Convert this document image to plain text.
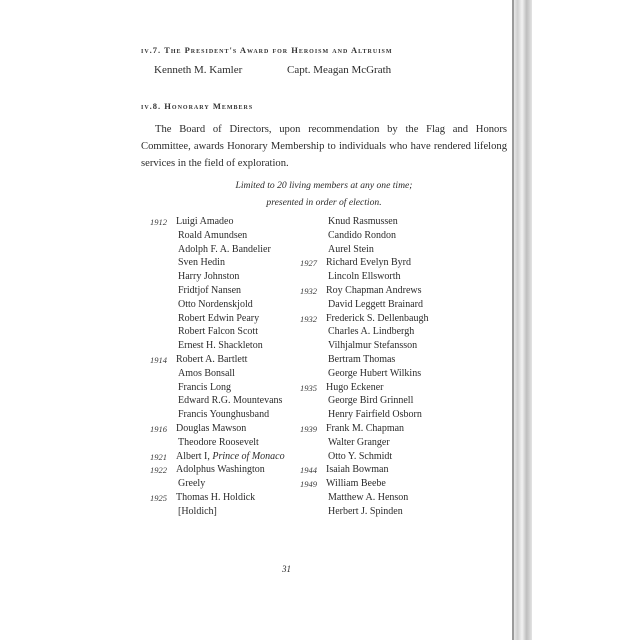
iv.7. The President's Award for Heroism and Altruism
Kenneth M. Kamler	Capt. Meagan McGrath
iv.8. Honorary Members
The Board of Directors, upon recommendation by the Flag and Honors Committee, awards Honorary Membership to individuals who have rendered lifelong services in the field of exploration.
Limited to 20 living members at any one time;
presented in order of election.
1912 Luigi Amadeo
Roald Amundsen
Adolph F. A. Bandelier
Sven Hedin
Harry Johnston
Fridtjof Nansen
Otto Nordenskjold
Robert Edwin Peary
Robert Falcon Scott
Ernest H. Shackleton
1914 Robert A. Bartlett
Amos Bonsall
Francis Long
Edward R.G. Mountevans
Francis Younghusband
1916 Douglas Mawson
Theodore Roosevelt
1921 Albert I, Prince of Monaco
1922 Adolphus Washington
Greely
1925 Thomas H. Holdick
[Holdich]
Knud Rasmussen
Candido Rondon
Aurel Stein
1927 Richard Evelyn Byrd
Lincoln Ellsworth
1932 Roy Chapman Andrews
David Leggett Brainard
1932 Frederick S. Dellenbaugh
Charles A. Lindbergh
Vilhjalmur Stefansson
Bertram Thomas
George Hubert Wilkins
1935 Hugo Eckener
George Bird Grinnell
Henry Fairfield Osborn
1939 Frank M. Chapman
Walter Granger
Otto Y. Schmidt
1944 Isaiah Bowman
1949 William Beebe
Matthew A. Henson
Herbert J. Spinden
31
